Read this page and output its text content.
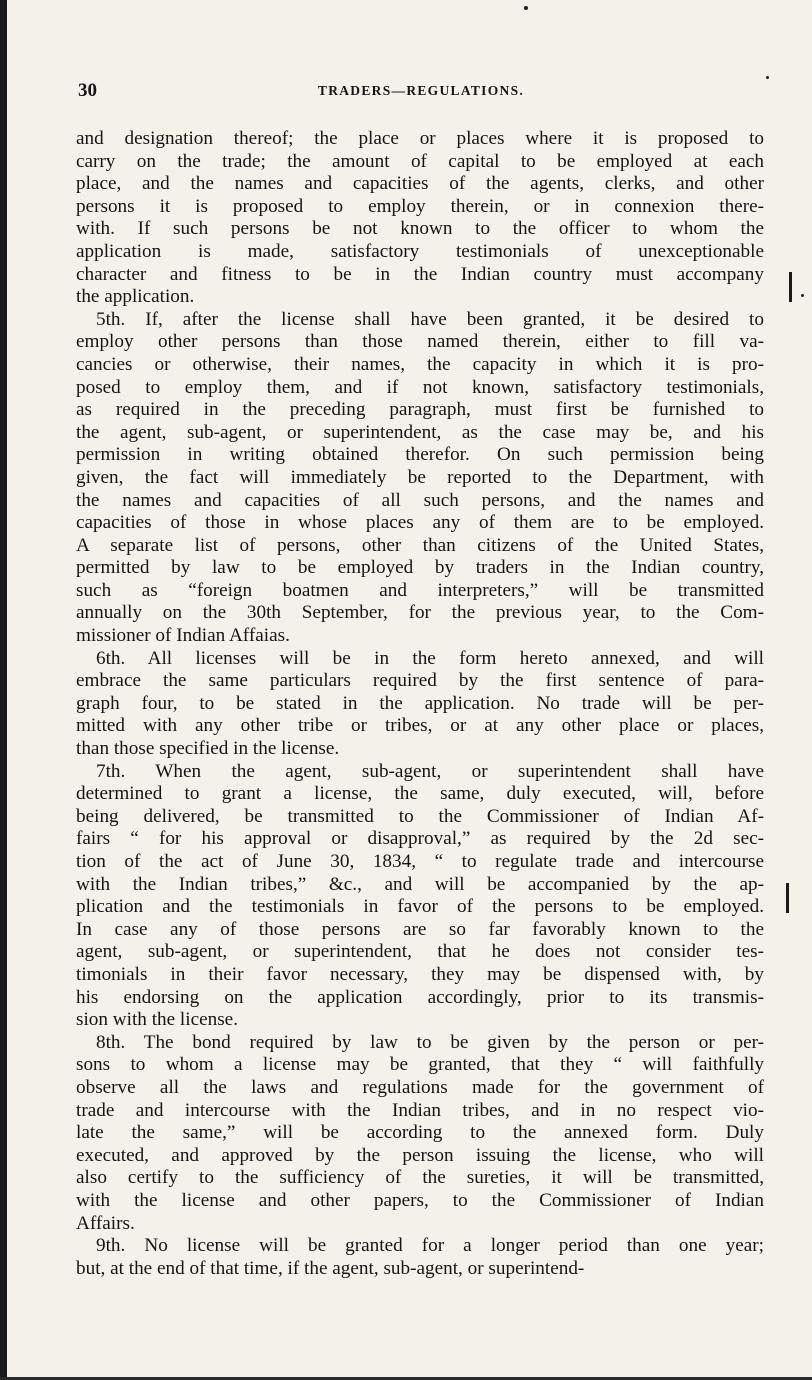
30	TRADERS—REGULATIONS.
and designation thereof; the place or places where it is proposed to
carry on the trade; the amount of capital to be employed at each
place, and the names and capacities of the agents, clerks, and other
persons it is proposed to employ therein, or in connexion there-
with. If such persons be not known to the officer to whom the
application is made, satisfactory testimonials of unexceptionable
character and fitness to be in the Indian country must accompany
the application.
5th. If, after the license shall have been granted, it be desired to
employ other persons than those named therein, either to fill va-
cancies or otherwise, their names, the capacity in which it is pro-
posed to employ them, and if not known, satisfactory testimonials,
as required in the preceding paragraph, must first be furnished to
the agent, sub-agent, or superintendent, as the case may be, and his
permission in writing obtained therefor. On such permission being
given, the fact will immediately be reported to the Department, with
the names and capacities of all such persons, and the names and
capacities of those in whose places any of them are to be employed.
A separate list of persons, other than citizens of the United States,
permitted by law to be employed by traders in the Indian country,
such as “foreign boatmen and interpreters,” will be transmitted
annually on the 30th September, for the previous year, to the Com-
missioner of Indian Affaias.
6th. All licenses will be in the form hereto annexed, and will
embrace the same particulars required by the first sentence of para-
graph four, to be stated in the application. No trade will be per-
mitted with any other tribe or tribes, or at any other place or places,
than those specified in the license.
7th. When the agent, sub-agent, or superintendent shall have
determined to grant a license, the same, duly executed, will, before
being delivered, be transmitted to the Commissioner of Indian Af-
fairs “ for his approval or disapproval,” as required by the 2d sec-
tion of the act of June 30, 1834, “ to regulate trade and intercourse
with the Indian tribes,” &c., and will be accompanied by the ap-
plication and the testimonials in favor of the persons to be employed.
In case any of those persons are so far favorably known to the
agent, sub-agent, or superintendent, that he does not consider tes-
timonials in their favor necessary, they may be dispensed with, by
his endorsing on the application accordingly, prior to its transmis-
sion with the license.
8th. The bond required by law to be given by the person or per-
sons to whom a license may be granted, that they “ will faithfully
observe all the laws and regulations made for the government of
trade and intercourse with the Indian tribes, and in no respect vio-
late the same,” will be according to the annexed form. Duly
executed, and approved by the person issuing the license, who will
also certify to the sufficiency of the sureties, it will be transmitted,
with the license and other papers, to the Commissioner of Indian
Affairs.
9th. No license will be granted for a longer period than one year;
but, at the end of that time, if the agent, sub-agent, or superintend-
